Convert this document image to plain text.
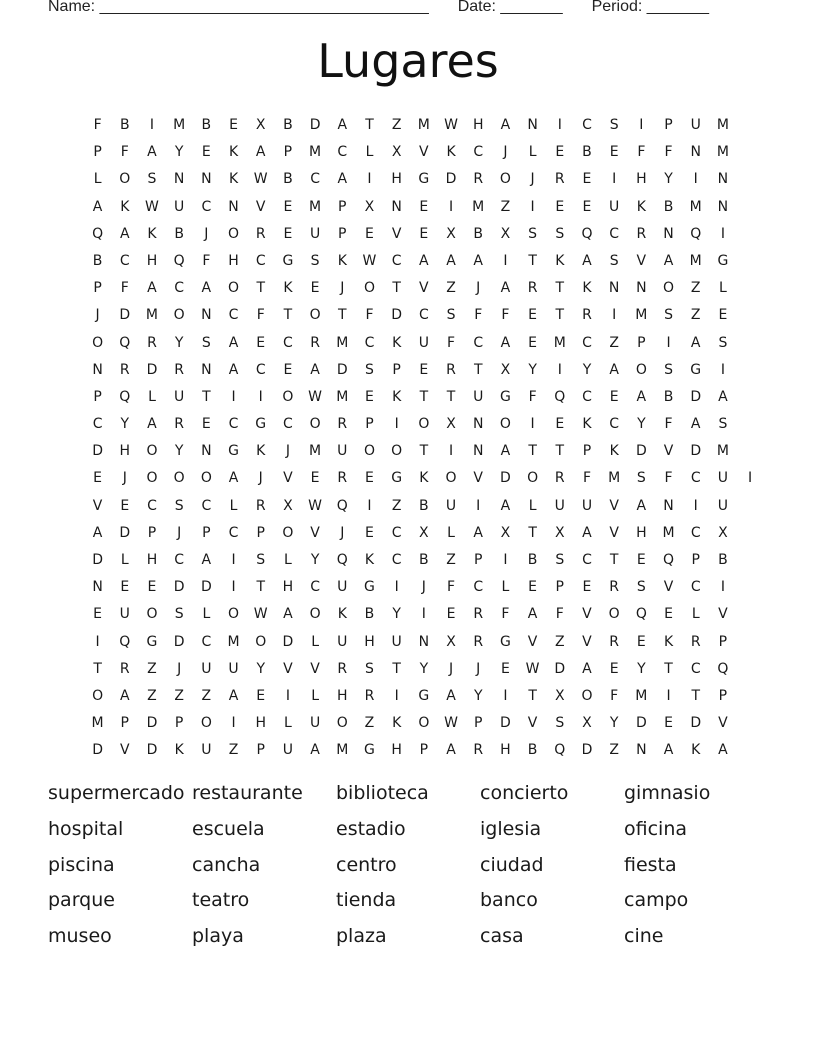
Name: _____________________________________ Date: _______ Period: _______
Lugares
F	B	I	M	B	E	X	B	D	A	T	Z	M	W	H	A	N	I	C	S	I	P	U	M
P	F	A	Y	E	K	A	P	M	C	L	X	V	K	C	J	L	E	B	E	F	F	N	M
L	O	S	N	N	K	W	B	C	A	I	H	G	D	R	O	J	R	E	I	H	Y	I	N
A	K	W	U	C	N	V	E	M	P	X	N	E	I	M	Z	I	E	E	U	K	B	M	N
Q	A	K	B	J	O	R	E	U	P	E	V	E	X	B	X	S	S	Q	C	R	N	Q	I
B	C	H	Q	F	H	C	G	S	K	W	C	A	A	A	I	T	K	A	S	V	A	M	G
P	F	A	C	A	O	T	K	E	J	O	T	V	Z	J	A	R	T	K	N	N	O	Z	L
J	D	M	O	N	C	F	T	O	T	F	D	C	S	F	F	E	T	R	I	M	S	Z	E
O	Q	R	Y	S	A	E	C	R	M	C	K	U	F	C	A	E	M	C	Z	P	I	A	S
N	R	D	R	N	A	C	E	A	D	S	P	E	R	T	X	Y	I	Y	A	O	S	G	I
P	Q	L	U	T	I	I	O	W	M	E	K	T	T	U	G	F	Q	C	E	A	B	D	A
C	Y	A	R	E	C	G	C	O	R	P	I	O	X	N	O	I	E	K	C	Y	F	A	S
D	H	O	Y	N	G	K	J	M	U	O	O	T	I	N	A	T	T	P	K	D	V	D	M
E	J	O	O	O	A	J	V	E	R	E	G	K	O	V	D	O	R	F	M	S	F	C	U	I
V	E	C	S	C	L	R	X	W	Q	I	Z	B	U	I	A	L	U	U	V	A	N	I	U
A	D	P	J	P	C	P	O	V	J	E	C	X	L	A	X	T	X	A	V	H	M	C	X
D	L	H	C	A	I	S	L	Y	Q	K	C	B	Z	P	I	B	S	C	T	E	Q	P	B
N	E	E	D	D	I	T	H	C	U	G	I	J	F	C	L	E	P	E	R	S	V	C	I
E	U	O	S	L	O	W	A	O	K	B	Y	I	E	R	F	A	F	V	O	Q	E	L	V
I	Q	G	D	C	M	O	D	L	U	H	U	N	X	R	G	V	Z	V	R	E	K	R	P
T	R	Z	J	U	U	Y	V	V	R	S	T	Y	J	J	E	W	D	A	E	Y	T	C	Q
O	A	Z	Z	Z	A	E	I	L	H	R	I	G	A	Y	I	T	X	O	F	M	I	T	P
M	P	D	P	O	I	H	L	U	O	Z	K	O	W	P	D	V	S	X	Y	D	E	D	V
D	V	D	K	U	Z	P	U	A	M	G	H	P	A	R	H	B	Q	D	Z	N	A	K	A
supermercado restaurante	biblioteca	concierto	gimnasio
hospital	escuela	estadio	iglesia	oficina
piscina	cancha	centro	ciudad	fiesta
parque	teatro	tienda	banco	campo
museo	playa	plaza	casa	cine
